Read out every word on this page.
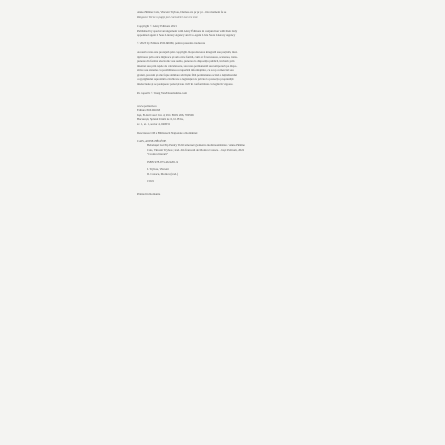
Anne-Hélène Cais, Vincent Trybou, Dumas ers pr pr pr - Ore mement fe se

Ringueur Terne n papje por cornoirter nee ree sree

Copyright © Alary Editions 2021

Published by special arrangement with Alary Éditions in conjunction with their duly

appointed agent 2 Seas Literary Agency and Co-agent Livia Stoia Literary Agency

© 2023 by Editura POLIROM, pentru prezenta traducere

Această carte este protejată prin copyright. Reproducerea integrală sau parțială, mul-

tiplicarea prin orice mijloace și sub orice formă, cum ar fi xeroxarea, scanarea, trans-

punerea în format electronic sau audio, punerea la dispoziția publică, inclusiv prin

internet sau prin rețele de calculatoare, stocarea permanentă sau temporară pe dispo-

zitive sau sisteme cu posibilitatea recuperării informațiilor, cu scop comercial sau

gratuit, precum și alte fapte similare săvârșite fără permisiunea scrisă a deținătorului

copyrightului reprezintă o încălcare a legislației cu privire la protecția proprietății

intelectuale și se pedepsesc penal și/sau civil în conformitate cu legile în vigoare.

Pe copertă: © Jiang Yan/Dreamstime.com

www.polirom.ro

Editura POLIROM

Iași, B-dul Carol I nr. 4; P.O. BOX 266, 700506

București, Splaiul Unirii nr. 6, bl. B3A,

sc. 1, et. 1, sector 4, 040031

Descrierea CIP a Bibliotecii Naționale a României:

CAIS, ANNE-HÉLÈNE

Bebelușul Lui Pip Pentry Ticiil umeruel gwinerna nioltnreantirnnte / Anne-Hélène

Cais, Vincent Trybou ; trad. din franceză de Monica Cazacu. - Iași: Polirom, 2022

"Cronica literară"

ISBN 978-973-46-9201-9

I. Trybou, Vincent

II. Cazacu, Monica (trad.)

159.9

Printed in Romania
